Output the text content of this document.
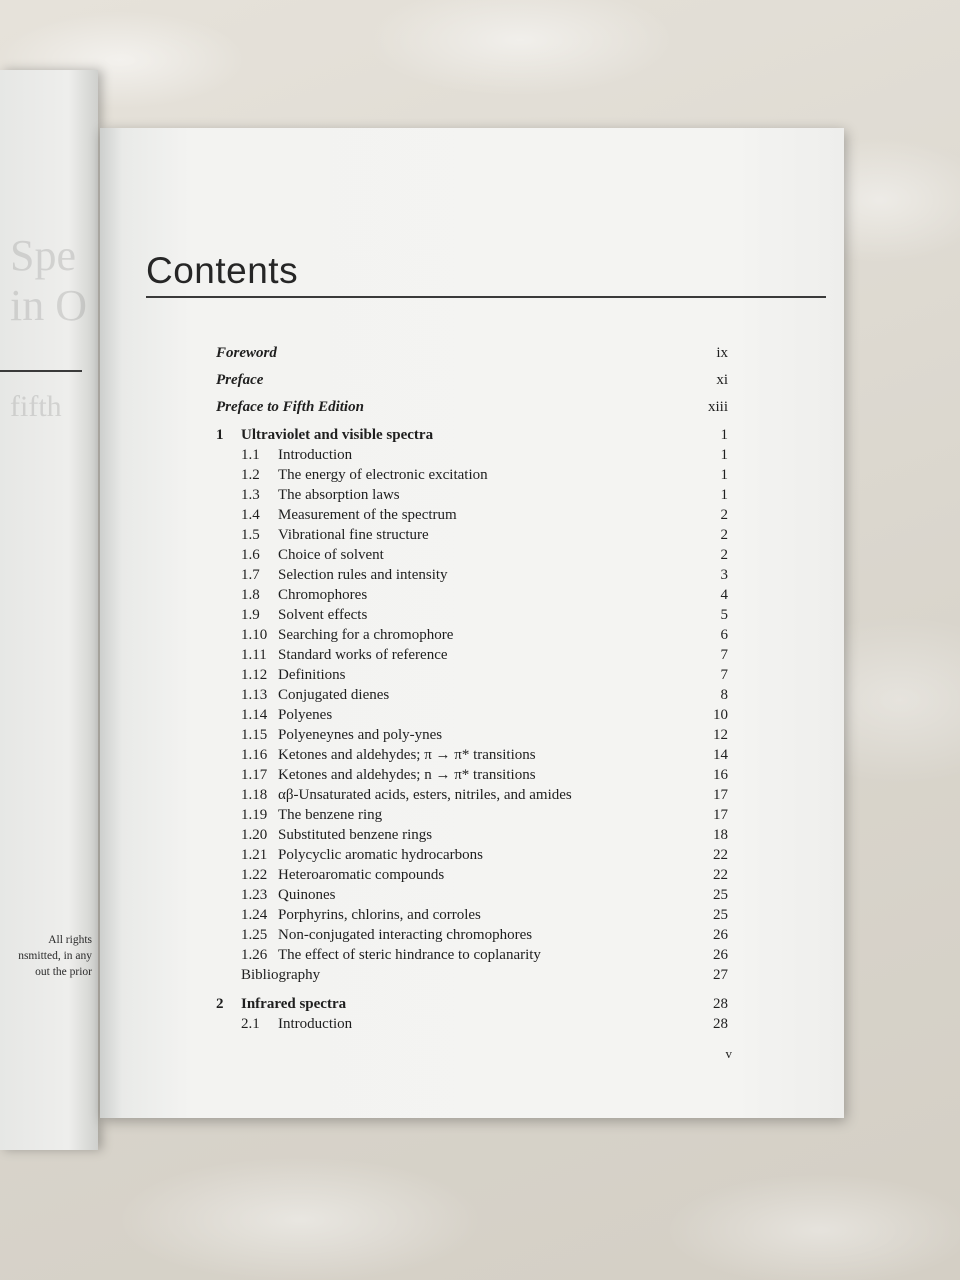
Spe
in O
fifth
All rights
nsmitted, in any
out the prior
Contents
Foreword	ix
Preface	xi
Preface to Fifth Edition	xiii
1	Ultraviolet and visible spectra	1
1.1 Introduction	1
1.2 The energy of electronic excitation	1
1.3 The absorption laws	1
1.4 Measurement of the spectrum	2
1.5 Vibrational fine structure	2
1.6 Choice of solvent	2
1.7 Selection rules and intensity	3
1.8 Chromophores	4
1.9 Solvent effects	5
1.10 Searching for a chromophore	6
1.11 Standard works of reference	7
1.12 Definitions	7
1.13 Conjugated dienes	8
1.14 Polyenes	10
1.15 Polyeneynes and poly-ynes	12
1.16 Ketones and aldehydes; π → π* transitions	14
1.17 Ketones and aldehydes; n → π* transitions	16
1.18 αβ-Unsaturated acids, esters, nitriles, and amides	17
1.19 The benzene ring	17
1.20 Substituted benzene rings	18
1.21 Polycyclic aromatic hydrocarbons	22
1.22 Heteroaromatic compounds	22
1.23 Quinones	25
1.24 Porphyrins, chlorins, and corroles	25
1.25 Non-conjugated interacting chromophores	26
1.26 The effect of steric hindrance to coplanarity	26
Bibliography	27
2	Infrared spectra	28
2.1 Introduction	28
v
